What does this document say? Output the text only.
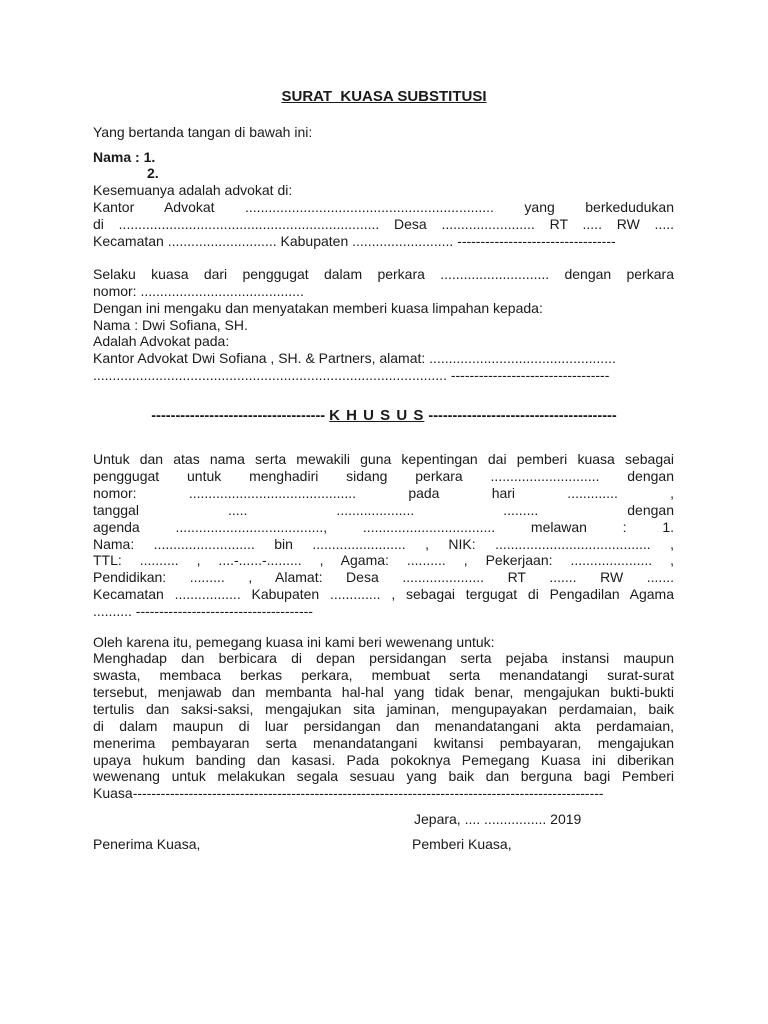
SURAT  KUASA SUBSTITUSI
Yang bertanda tangan di bawah ini:
Nama : 1.
2.
Kesemuanya adalah advokat di:
Kantor Advokat ................................................................ yang berkedudukan
di ................................................................... Desa ........................ RT ..... RW .....
Kecamatan ............................ Kabupaten .......................... ----------------------------------
Selaku kuasa dari penggugat dalam perkara ............................ dengan perkara
nomor: ..........................................
Dengan ini mengaku dan menyatakan memberi kuasa limpahan kepada:
Nama : Dwi Sofiana, SH.
Adalah Advokat pada:
Kantor Advokat Dwi Sofiana , SH. & Partners, alamat: ................................................
........................................................................................... ----------------------------------
------------------------------------ K H U S U S ---------------------------------------
Untuk dan atas nama serta mewakili guna kepentingan dai pemberi kuasa sebagai
penggugat untuk menghadiri sidang perkara ............................ dengan
nomor: ........................................... pada hari ............. ,
tanggal ..... .................... ......... dengan
agenda ......................................, .................................. melawan : 1.
Nama: .......................... bin ........................ , NIK: ........................................ ,
TTL: .......... , ....-......-......... , Agama: .......... , Pekerjaan: ..................... ,
Pendidikan: ......... , Alamat: Desa ..................... RT ....... RW .......
Kecamatan ................. Kabupaten ............. , sebagai tergugat di Pengadilan Agama
.......... --------------------------------------
Oleh karena itu, pemegang kuasa ini kami beri wewenang untuk:
Menghadap dan berbicara di depan persidangan serta pejaba instansi maupun
swasta, membaca berkas perkara, membuat serta menandatangi surat-surat
tersebut, menjawab dan membanta hal-hal yang tidak benar, mengajukan bukti-bukti
tertulis dan saksi-saksi, mengajukan sita jaminan, mengupayakan perdamaian, baik
di dalam maupun di luar persidangan dan menandatangani akta perdamaian,
menerima pembayaran serta menandatangani kwitansi pembayaran, mengajukan
upaya hukum banding dan kasasi. Pada pokoknya Pemegang Kuasa ini diberikan
wewenang untuk melakukan segala sesuau yang baik dan berguna bagi Pemberi
Kuasa-----------------------------------------------------------------------------------------------------
Jepara, .... ................ 2019
Penerima Kuasa,	Pemberi Kuasa,
